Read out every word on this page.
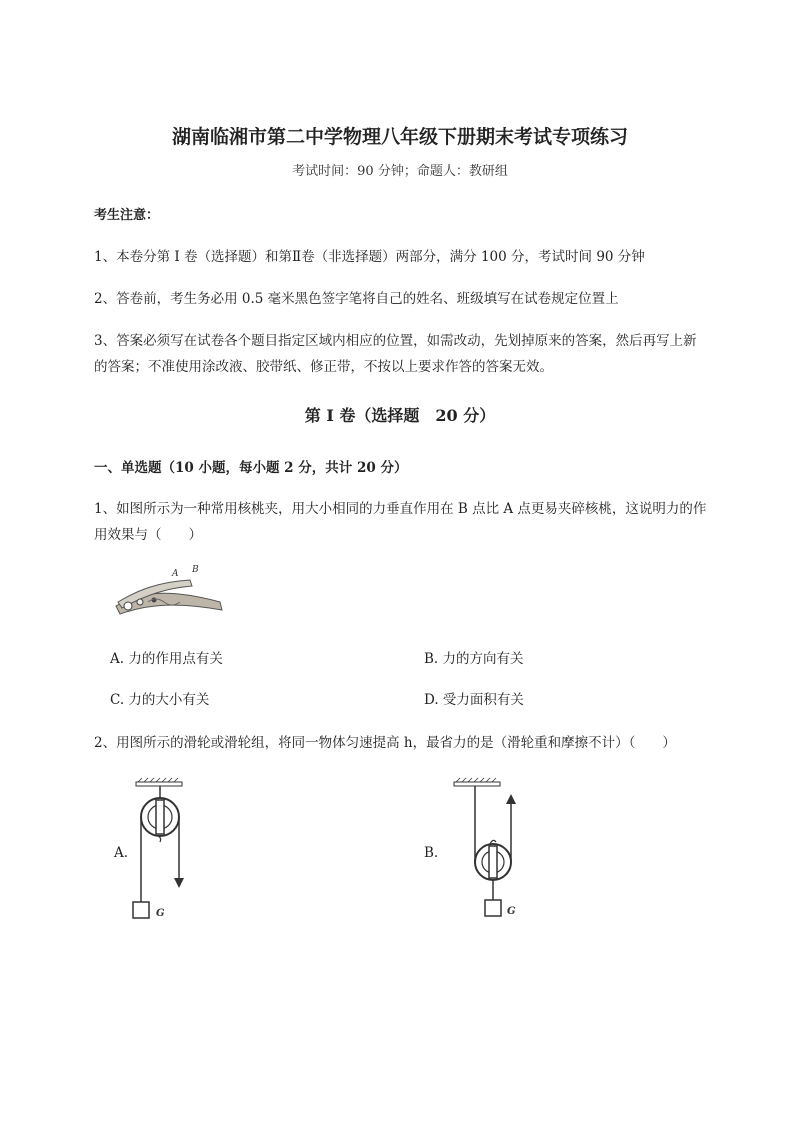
湖南临湘市第二中学物理八年级下册期末考试专项练习
考试时间：90 分钟；命题人：教研组
考生注意：
1、本卷分第 I 卷（选择题）和第Ⅱ卷（非选择题）两部分，满分 100 分，考试时间 90 分钟
2、答卷前，考生务必用 0.5 毫米黑色签字笔将自己的姓名、班级填写在试卷规定位置上
3、答案必须写在试卷各个题目指定区域内相应的位置，如需改动，先划掉原来的答案，然后再写上新
的答案；不准使用涂改液、胶带纸、修正带，不按以上要求作答的答案无效。
第 I 卷（选择题　20 分）
一、单选题（10 小题，每小题 2 分，共计 20 分）
1、如图所示为一种常用核桃夹，用大小相同的力垂直作用在 B 点比 A 点更易夹碎核桃，这说明力的作
用效果与（　　）
A B
A. 力的作用点有关	B. 力的方向有关
C. 力的大小有关	D. 受力面积有关
2、用图所示的滑轮或滑轮组，将同一物体匀速提高 h，最省力的是（滑轮重和摩擦不计）（　　）
A.	B.
G	G
